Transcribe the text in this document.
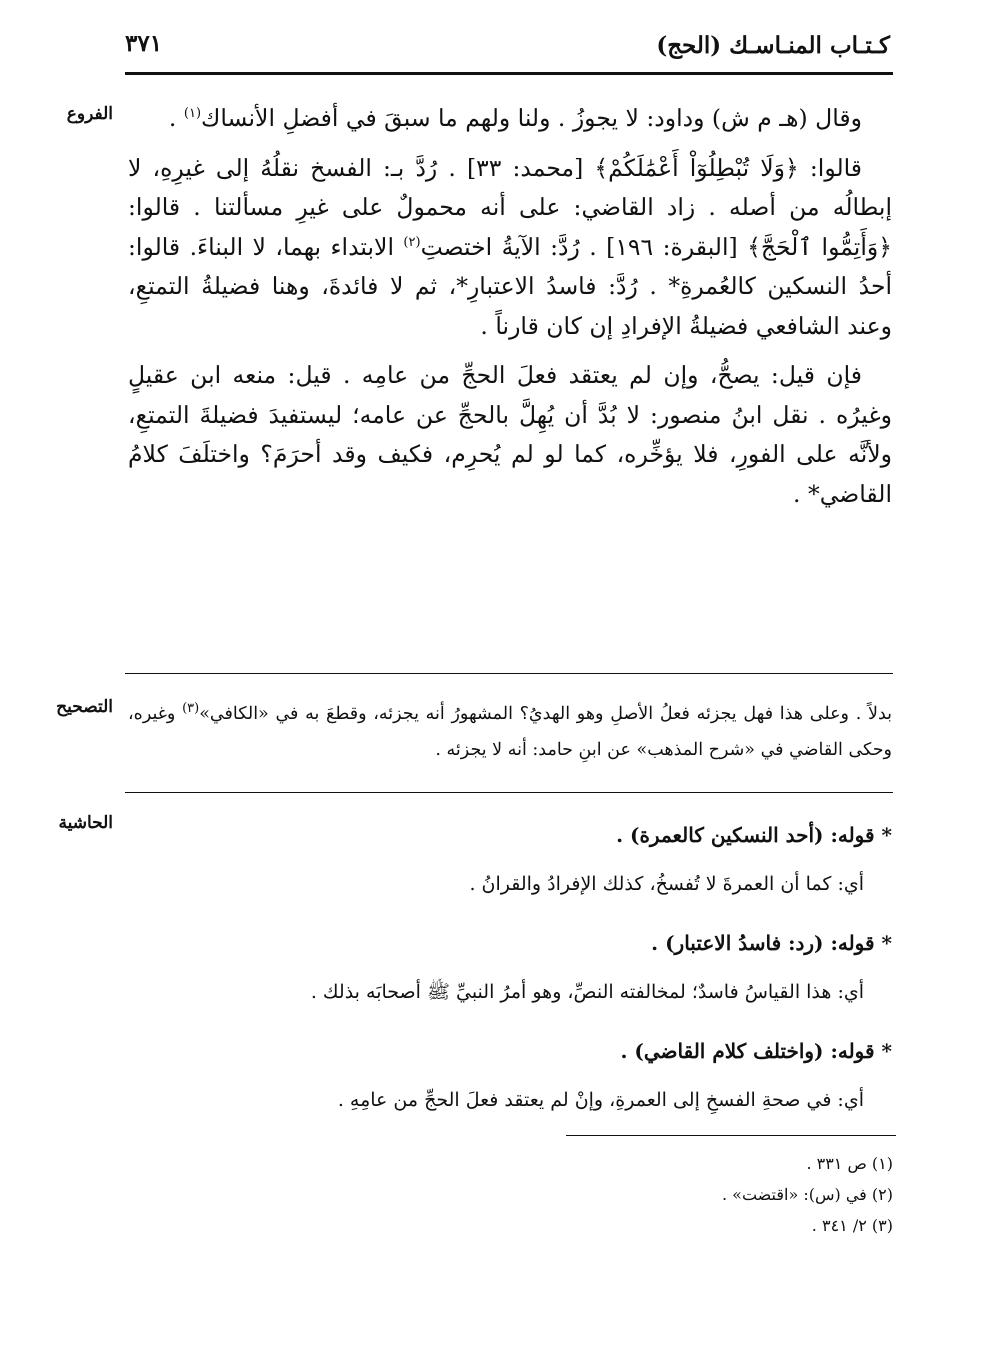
كـتـاب المنـاسـك (الحج)
٣٧١
الفروع	وقال (هـ م ش) وداود: لا يجوزُ . ولنا ولهم ما سبقَ في أفضلِ الأنساك$^{(١)}$ .

قالوا: ﴿وَلَا تُبْطِلُوٓاْ أَعْمَٰلَكُمْ﴾ [محمد: ٣٣] . رُدَّ بـ: الفسخ نقلُهُ إلى غيرِهِ، لا إبطالُه من أصله . زاد القاضي: على أنه محمولٌ على غيرِ مسألتنا . قالوا: ﴿وَأَتِمُّوا ٱلْحَجَّ﴾ [البقرة: ١٩٦] . رُدَّ: الآيةُ اختصتِ$^{(٢)}$ الابتداء بهما، لا البناءَ. قالوا: أحدُ النسكين كالعُمرةِ* . رُدَّ: فاسدُ الاعتبارِ*، ثم لا فائدةَ، وهنا فضيلةُ التمتعِ، وعند الشافعي فضيلةُ الإفرادِ إن كان قارناً .

فإن قيل: يصحُّ، وإن لم يعتقد فعلَ الحجِّ من عامِه . قيل: منعه ابن عقيلٍ وغيرُه . نقل ابنُ منصور: لا بُدَّ أن يُهِلَّ بالحجِّ عن عامه؛ ليستفيدَ فضيلةَ التمتعِ، ولأنَّه على الفورِ، فلا يؤخِّره، كما لو لم يُحرِم، فكيف وقد أحرَمَ؟ واختلَفَ كلامُ القاضي* .

التصحيح	بدلاً . وعلى هذا فهل يجزئه فعلُ الأصلِ وهو الهديُ؟ المشهورُ أنه يجزئه، وقطعَ به في «الكافي»$^{(٣)}$ وغيره، وحكى القاضي في «شرح المذهب» عن ابنِ حامد: أنه لا يجزئه .

الحاشية	* قوله: (أحد النسكين كالعمرة) .

أي: كما أن العمرةَ لا تُفسخُ، كذلك الإفرادُ والقرانُ .

* قوله: (رد: فاسدُ الاعتبار) .

أي: هذا القياسُ فاسدٌ؛ لمخالفته النصِّ، وهو أمرُ النبيِّ ﷺ أصحابَه بذلك .

* قوله: (واختلف كلام القاضي) .

أي: في صحةِ الفسخِ إلى العمرةِ، وإنْ لم يعتقد فعلَ الحجِّ من عامِهِ .

(١) ص ٣٣١ .

(٢) في (س): «اقتضت» .

(٣) ٢/ ٣٤١ .
